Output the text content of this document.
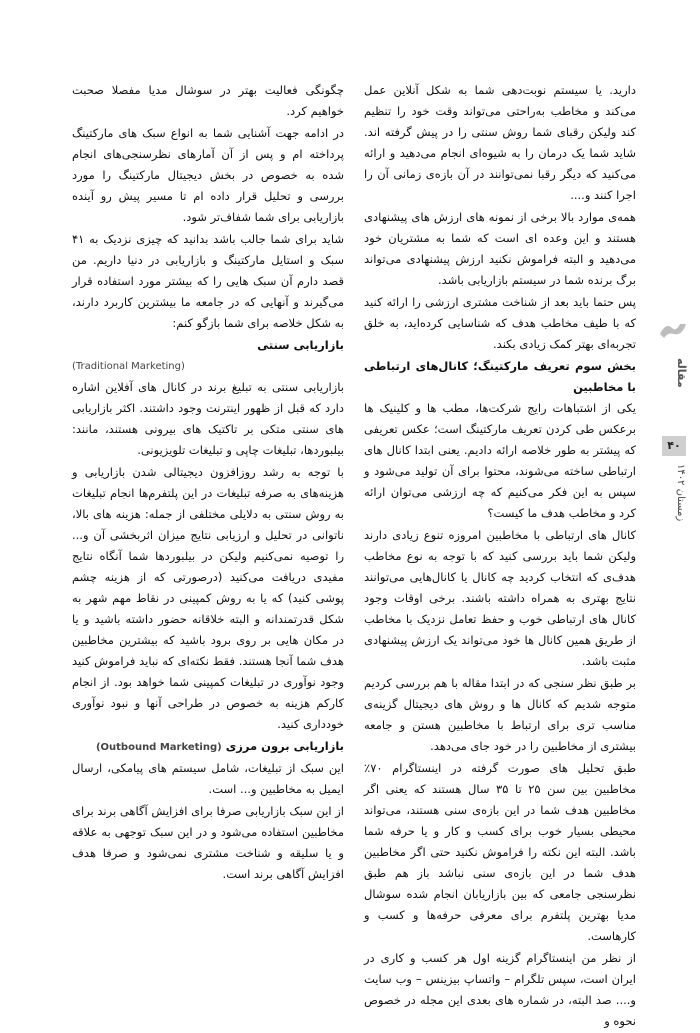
مقاله
۴۰
زمستان ۱۴۰۲

دارید. یا سیستم نوبت‌دهی شما به شکل آنلاین عمل می‌کند و مخاطب به‌راحتی می‌تواند وقت خود را تنظیم کند ولیکن رقبای شما روش سنتی را در پیش گرفته اند. شاید شما یک درمان را به شیوه‌ای انجام می‌دهید و ارائه می‌کنید که دیگر رقبا نمی‌توانند در آن بازه‌ی زمانی آن را اجرا کنند و....

همه‌ی موارد بالا برخی از نمونه‌ های ارزش‌ های پیشنهادی هستند و این وعده‌ ای است که شما به مشتریان خود می‌دهید و البته فراموش نکنید ارزش پیشنهادی می‌تواند برگ برنده شما در سیستم بازاریابی باشد.

پس حتما باید بعد از شناخت مشتری ارزشی را ارائه کنید که با طیف مخاطب هدف که شناسایی کرده‌اید، به خلق تجربه‌ای بهتر کمک زیادی بکند.

بخش سوم تعریف مارکتینگ؛ کانال‌های ارتباطی با مخاطبین

یکی از اشتباهات رایج شرکت‌ها، مطب‌ ها و کلینیک‌ ها برعکس طی کردن تعریف مارکتینگ است؛ عکس تعریفی که پیشتر به طور خلاصه ارائه دادیم. یعنی ابتدا کانال‌ های ارتباطی ساخته می‌شوند، محتوا برای آن تولید می‌شود و سپس به این فکر می‌کنیم که چه ارزشی می‌توان ارائه کرد و مخاطب هدف ما کیست؟

کانال‌ های ارتباطی با مخاطبین امروزه تنوع زیادی دارند ولیکن شما باید بررسی کنید که با توجه به نوع مخاطب هدف‌ی که انتخاب کردید چه کانال یا کانال‌هایی می‌توانند نتایج بهتری به همراه داشته باشند. برخی اوقات وجود کانال‌ های ارتباطی خوب و حفظ تعامل نزدیک با مخاطب از طریق همین کانال‌ ها خود می‌تواند یک ارزش پیشنهادی مثبت باشد.

بر طبق نظر سنجی که در ابتدا مقاله با هم بررسی کردیم متوجه شدیم که کانال‌ ها و روش‌ های دیجیتال گزینه‌ی مناسب تری برای ارتباط با مخاطبین هستن و جامعه بیشتری از مخاطبین را در خود جای می‌دهد.

طبق تحلیل‌ های صورت گرفته در اینستاگرام ۷۰٪ مخاطبین بین سن ۲۵ تا ۳۵ سال هستند که یعنی اگر مخاطبین هدف شما در این بازه‌ی سنی هستند، می‌تواند محیطی بسیار خوب برای کسب و کار و یا حرفه شما باشد. البته این نکته را فراموش نکنید حتی اگر مخاطبین هدف شما در این بازه‌ی سنی نباشد باز هم طبق نظرسنجی جامعی که بین بازاریابان انجام شده سوشال مدیا بهترین پلتفرم برای معرفی حرفه‌ها و کسب و کارهاست.

از نظر من اینستاگرام گزینه اول هر کسب و کاری در ایران است، سپس تلگرام – واتساپ بیزینس – وب سایت و.... صد البته، در شماره‌ های بعدی این مجله در خصوص نحوه و

چگونگی فعالیت بهتر در سوشال مدیا مفصلا صحبت خواهیم کرد.

در ادامه جهت آشنایی شما به انواع سبک‌ های مارکتینگ پرداخته ام و پس از آن آمارهای نظرسنجی‌های انجام شده به خصوص در بخش دیجیتال مارکتینگ را مورد بررسی و تحلیل قرار داده ام تا مسیر پیش رو آینده بازاریابی برای شما شفاف‌تر شود.

شاید برای شما جالب باشد بدانید که چیزی نزدیک به ۴۱ سبک و استایل مارکتینگ و بازاریابی در دنیا داریم. من قصد دارم آن سبک‌ هایی را که بیشتر مورد استفاده قرار می‌گیرند و آنهایی که در جامعه ما بیشترین کاربرد دارند، به شکل خلاصه برای شما بازگو کنم:

بازاریابی سنتی
(Traditional Marketing)

بازاریابی سنتی به تبلیغ برند در کانال‌ های آفلاین اشاره دارد که قبل از ظهور اینترنت وجود داشتند. اکثر بازاریابی‌ های سنتی متکی بر تاکتیک‌ های بیرونی هستند، مانند: بیلبوردها، تبلیغات چاپی و تبلیغات تلویزیونی.

با توجه به رشد روزافزون دیجیتالی شدن بازاریابی و هزینه‌های به صرفه تبلیغات در این پلتفرم‌ها انجام تبلیغات به روش سنتی به دلایلی مختلفی از جمله: هزینه‌ های بالا، ناتوانی در تحلیل و ارزیابی نتایج میزان اثربخشی آن و... را توصیه نمی‌کنیم ولیکن در بیلبوردها شما آنگاه نتایج مفیدی دریافت می‌کنید (درصورتی که از هزینه چشم پوشی کنید) که یا به روش کمپینی در نقاط مهم شهر به شکل قدرتمندانه و البته خلاقانه حضور داشته باشید و یا در مکان‌ هایی بر روی برود باشید که بیشترین مخاطبین هدف شما آنجا هستند. فقط نکته‌ای که نباید فراموش کنید وجود نوآوری در تبلیغات کمپینی شما خواهد بود. از انجام کارکم هزینه به خصوص در طراحی آنها و نبود نوآوری خودداری کنید.

بازاریابی برون مرزی (Outbound Marketing)

این سبک از تبلیغات، شامل سیستم‌ های پیامکی، ارسال ایمیل به مخاطبین و... است.

از این سبک بازاریابی صرفا برای افزایش آگاهی برند برای مخاطبین استفاده می‌شود و در این سبک توجهی به علاقه و یا سلیقه و شناخت مشتری نمی‌شود و صرفا هدف افزایش آگاهی برند است.
